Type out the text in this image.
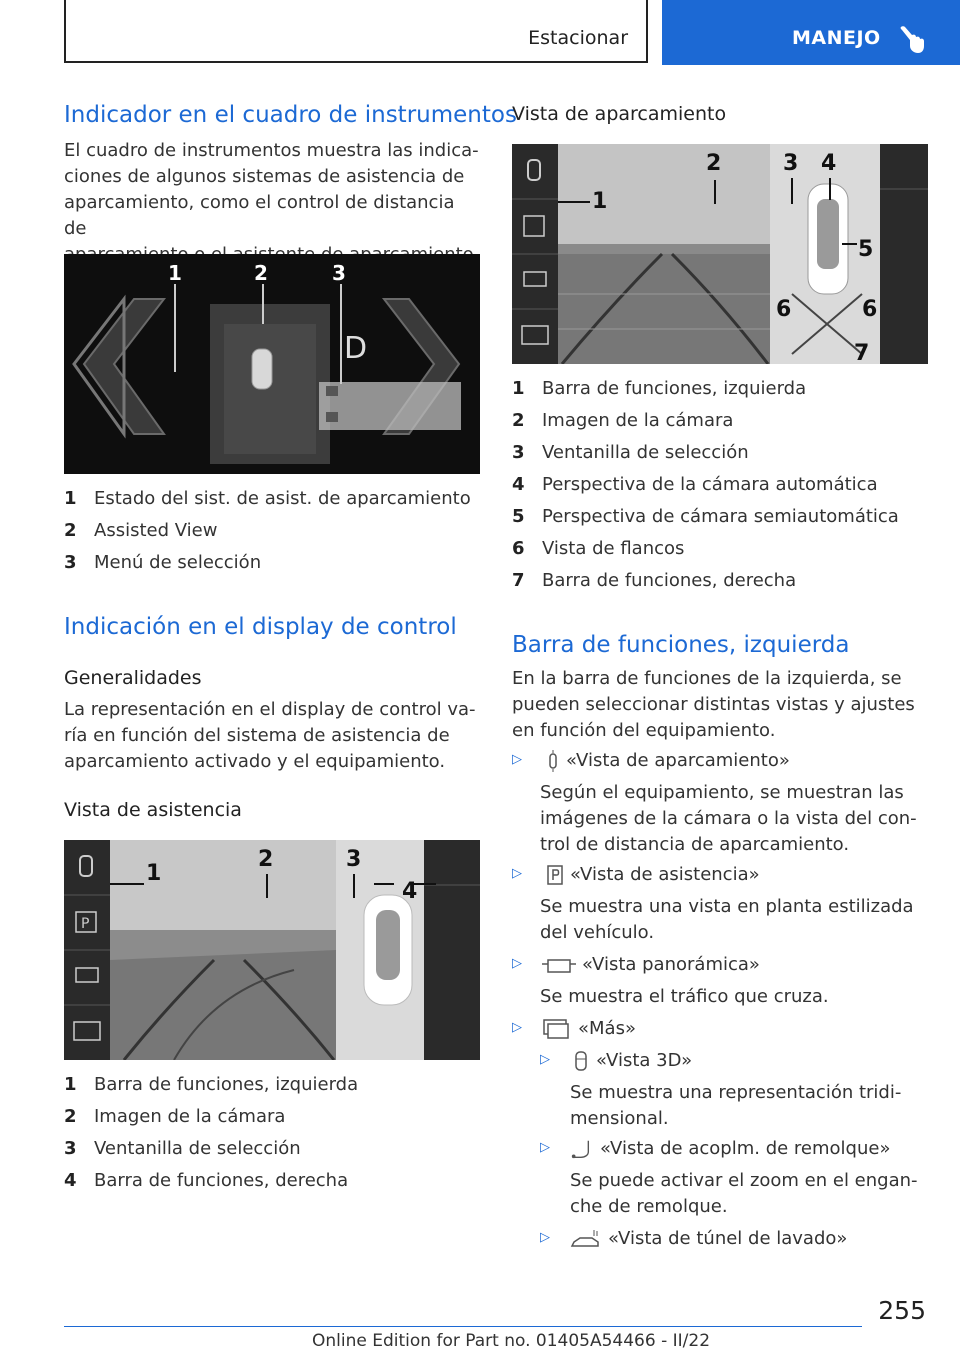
Estacionar	MANEJO
Indicador en el cuadro de instrumentos
El cuadro de instrumentos muestra las indica-
ciones de algunos sistemas de asistencia de
aparcamiento, como el control de distancia de
D
1	2	3
1 Estado del sist. de asist. de aparcamiento
2 Assisted View
3 Menú de selección
Indicación en el display de control
Generalidades
La representación en el display de control va-
ría en función del sistema de asistencia de
aparcamiento activado y el equipamiento.
Vista de asistencia
P
1
2	3
4
1 Barra de funciones, izquierda
2 Imagen de la cámara
3 Ventanilla de selección
4 Barra de funciones, derecha
Vista de aparcamiento
1
2	3 4
5
6	6
7
1 Barra de funciones, izquierda
2 Imagen de la cámara
3 Ventanilla de selección
4 Perspectiva de la cámara automática
5 Perspectiva de cámara semiautomática
6 Vista de flancos
7 Barra de funciones, derecha
Barra de funciones, izquierda
En la barra de funciones de la izquierda, se
pueden seleccionar distintas vistas y ajustes
en función del equipamiento.
▷ «Vista de aparcamiento»
Según el equipamiento, se muestran las
imágenes de la cámara o la vista del con-
trol de distancia de aparcamiento.
▷	«Vista de asistencia»
Se muestra una vista en planta estilizada
del vehículo.
▷	«Vista panorámica»
Se muestra el tráfico que cruza.
▷	«Más»
▷	«Vista 3D»
Se muestra una representación tridi-
mensional.
▷	«Vista de acoplm. de remolque»
Se puede activar el zoom en el engan-
che de remolque.
▷	«Vista de túnel de lavado»
255
Online Edition for Part no. 01405A54466 - II/22
